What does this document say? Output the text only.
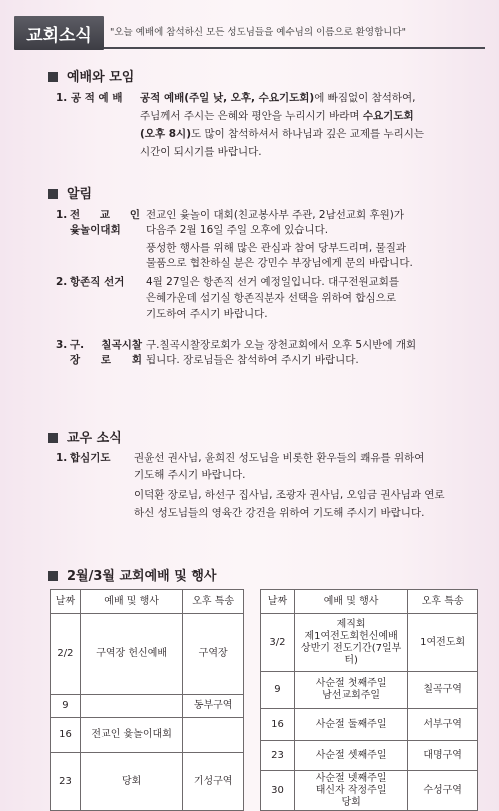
교회소식	"오늘 예배에 참석하신 모든 성도님들을 예수님의 이름으로 환영합니다"
예배와 모임
1. 공 적 예 배 공적 예배(주일 낮, 오후, 수요기도회)에 빠짐없이 참석하여,
주님께서 주시는 은혜와 평안을 누리시기 바라며 수요기도회
(오후 8시)도 많이 참석하셔서 하나님과 깊은 교제를 누리시는
시간이 되시기를 바랍니다.
알림
1. 전 교 인
윷놀이대회
전교인 윷놀이 대회(친교봉사부 주관, 2남선교회 후원)가
다음주 2월 16일 주일 오후에 있습니다.
풍성한 행사를 위해 많은 관심과 참여 당부드리며, 물질과
물품으로 협찬하실 분은 강민수 부장님에게 문의 바랍니다.
2. 항존직 선거 4월 27일은 항존직 선거 예정일입니다. 대구전원교회를
은혜가운데 섬기실 항존직분자 선택을 위하여 합심으로
기도하여 주시기 바랍니다.
3. 구. 칠곡시찰
장 로 회
구.칠곡시찰장로회가 오늘 장천교회에서 오후 5시반에 개회
됩니다. 장로님들은 참석하여 주시기 바랍니다.
교우 소식
1. 합심기도 권윤선 권사님, 윤희진 성도님을 비롯한 환우들의 쾌유를 위하여
기도해 주시기 바랍니다.
이덕환 장로님, 하선구 집사님, 조광자 권사님, 오임금 권사님과 연로
하신 성도님들의 영육간 강건을 위하여 기도해 주시기 바랍니다.
2월/3월 교회예배 및 행사
날짜	예배 및 행사	오후 특송
2/2	구역장 헌신예배	구역장
9		동부구역
16	전교인 윷놀이대회	
23	당회	기성구역
날짜	예배 및 행사	오후 특송
3/2	제직회
제1여전도회헌신예배
상반기 전도기간(7일부터)	1여전도회
9	사순절 첫째주일
남선교회주일	칠곡구역
16	사순절 둘째주일	서부구역
23	사순절 셋째주일	대명구역
30	사순절 넷째주일
태신자 작정주일
당회	수성구역
